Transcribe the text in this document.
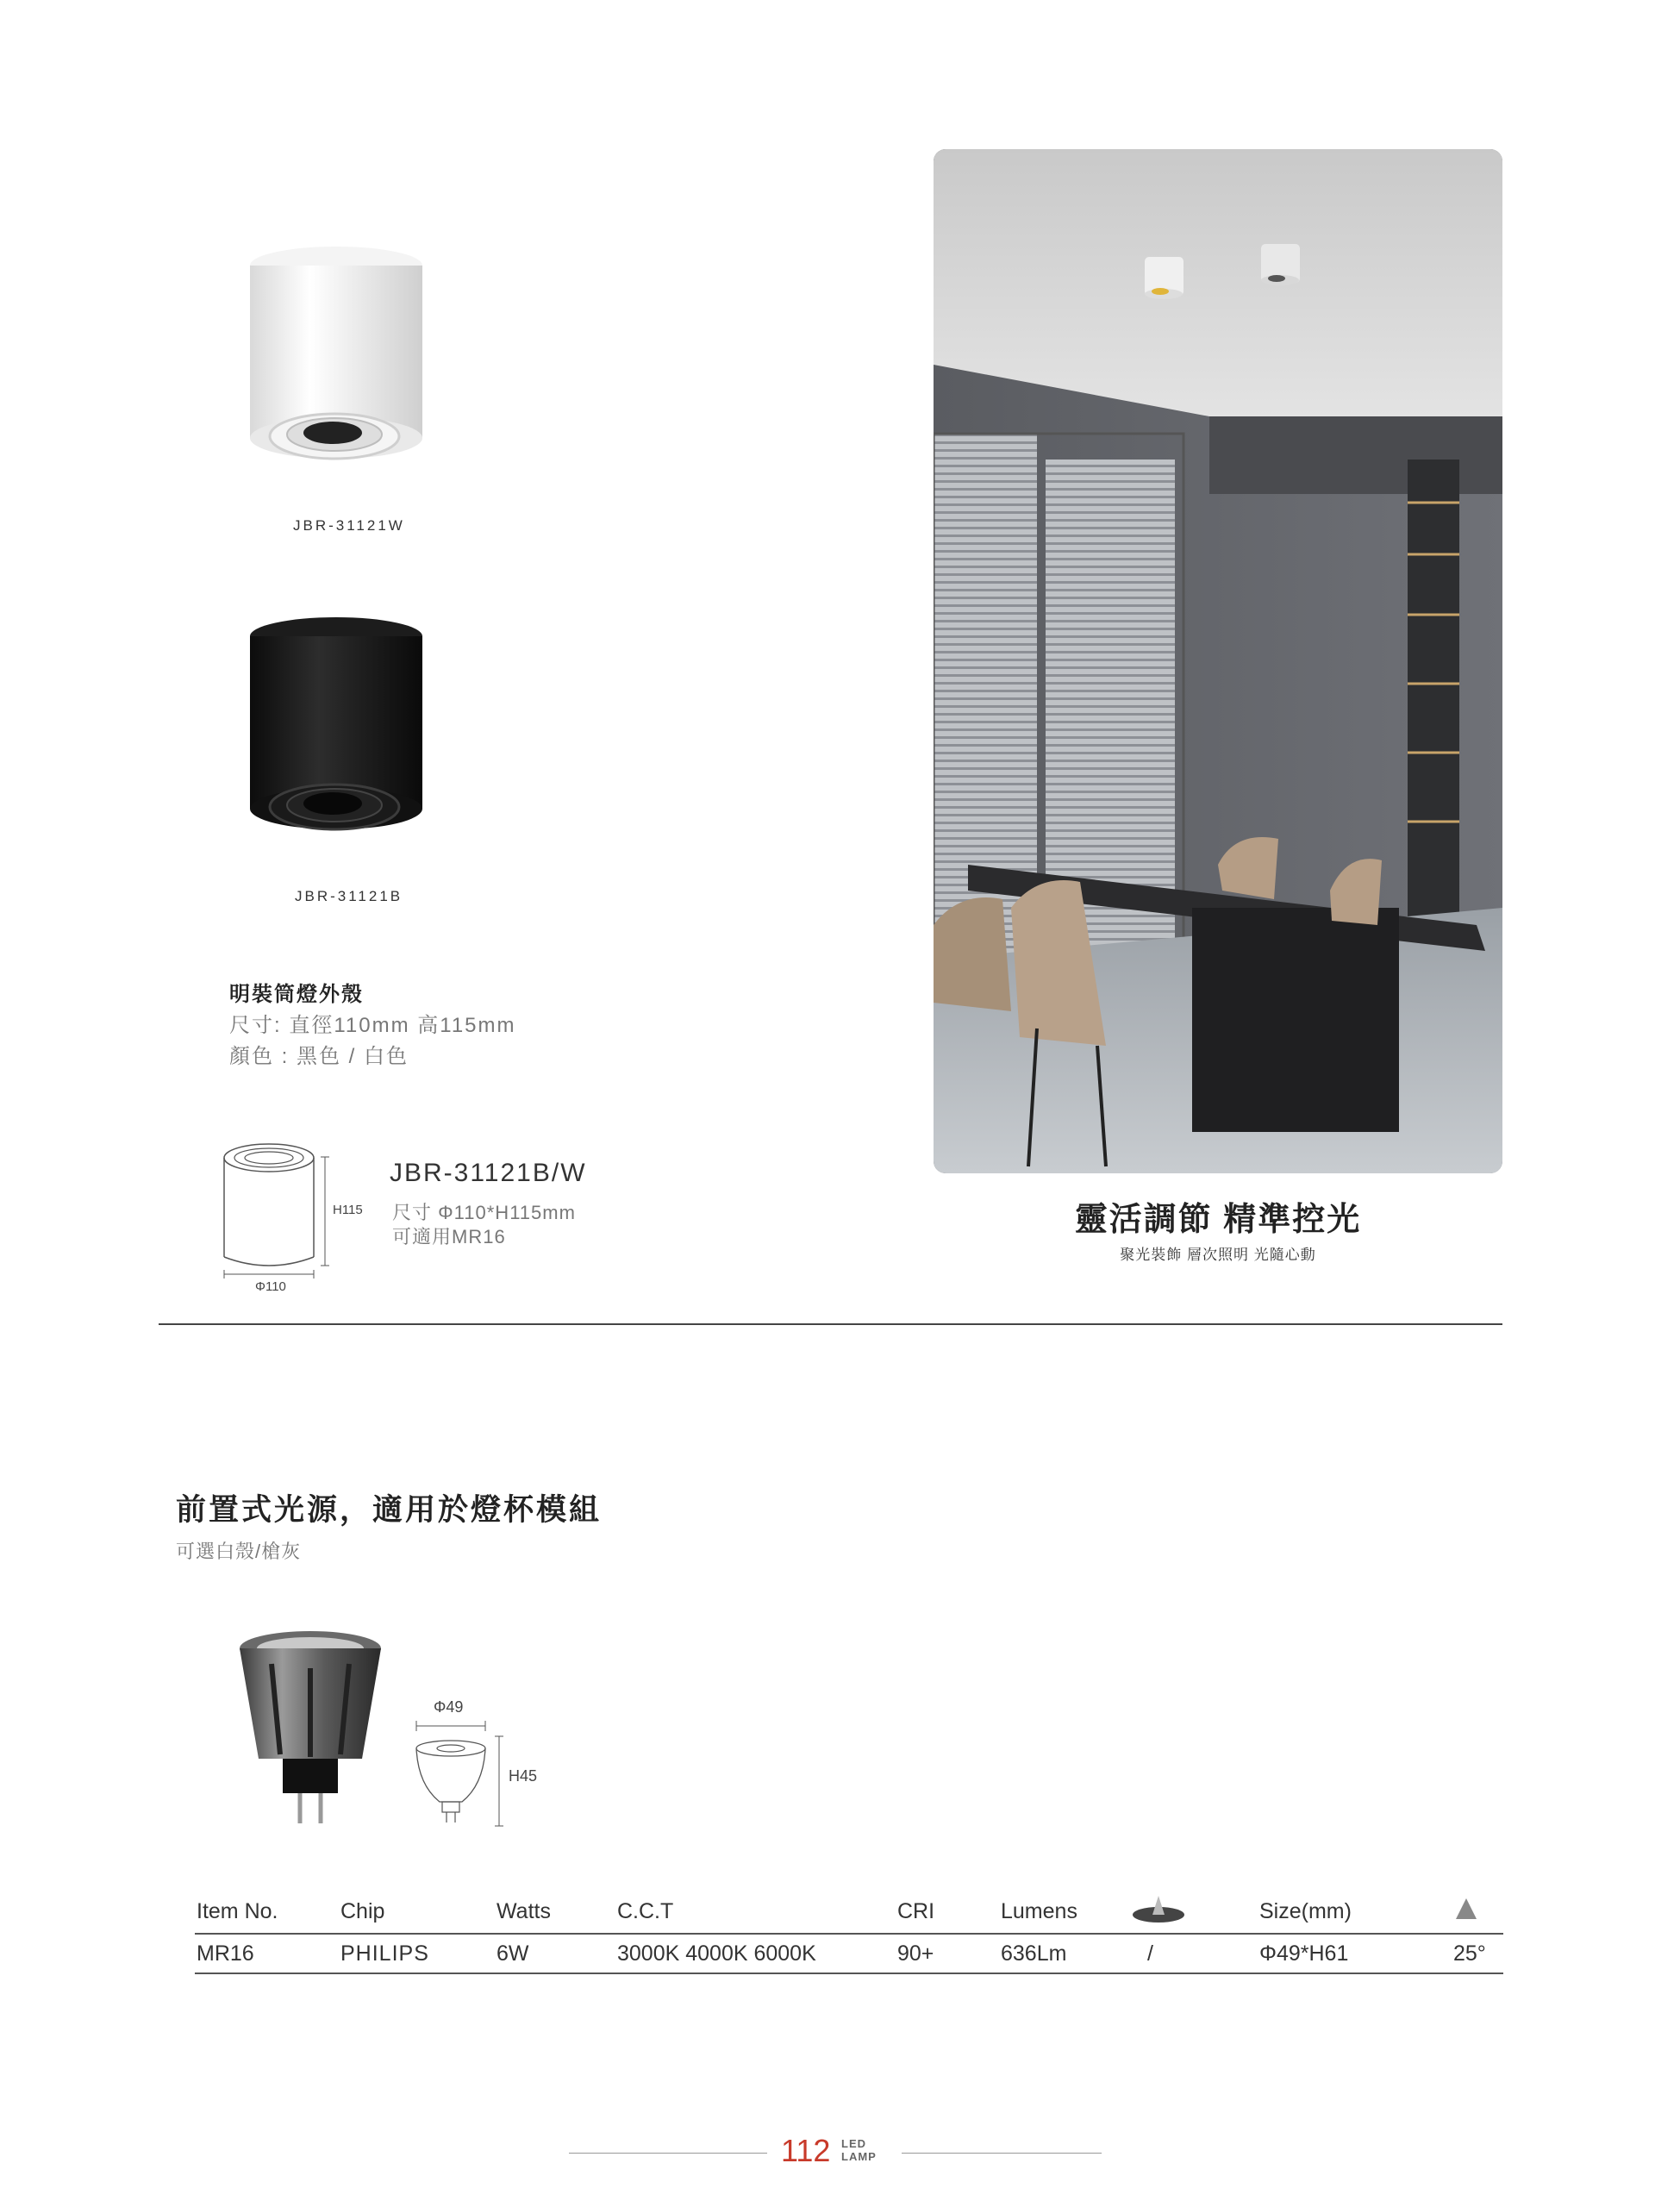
JBR-31121W
JBR-31121B
明裝筒燈外殼
尺寸: 直徑110mm 高115mm
顏色 : 黑色 / 白色
H115
Φ110
JBR-31121B/W
尺寸 Φ110*H115mm
可適用MR16	靈活調節 精準控光
聚光裝飾 層次照明 光隨心動
前置式光源，適用於燈杯模組
可選白殼/槍灰
Φ49
H45
Item No.	Chip	Watts	C.C.T	CRI	Lumens		Size(mm)	
MR16	PHILIPS	6W	3000K 4000K 6000K	90+	636Lm	/	Φ49*H61	25°
112 LED
LAMP
